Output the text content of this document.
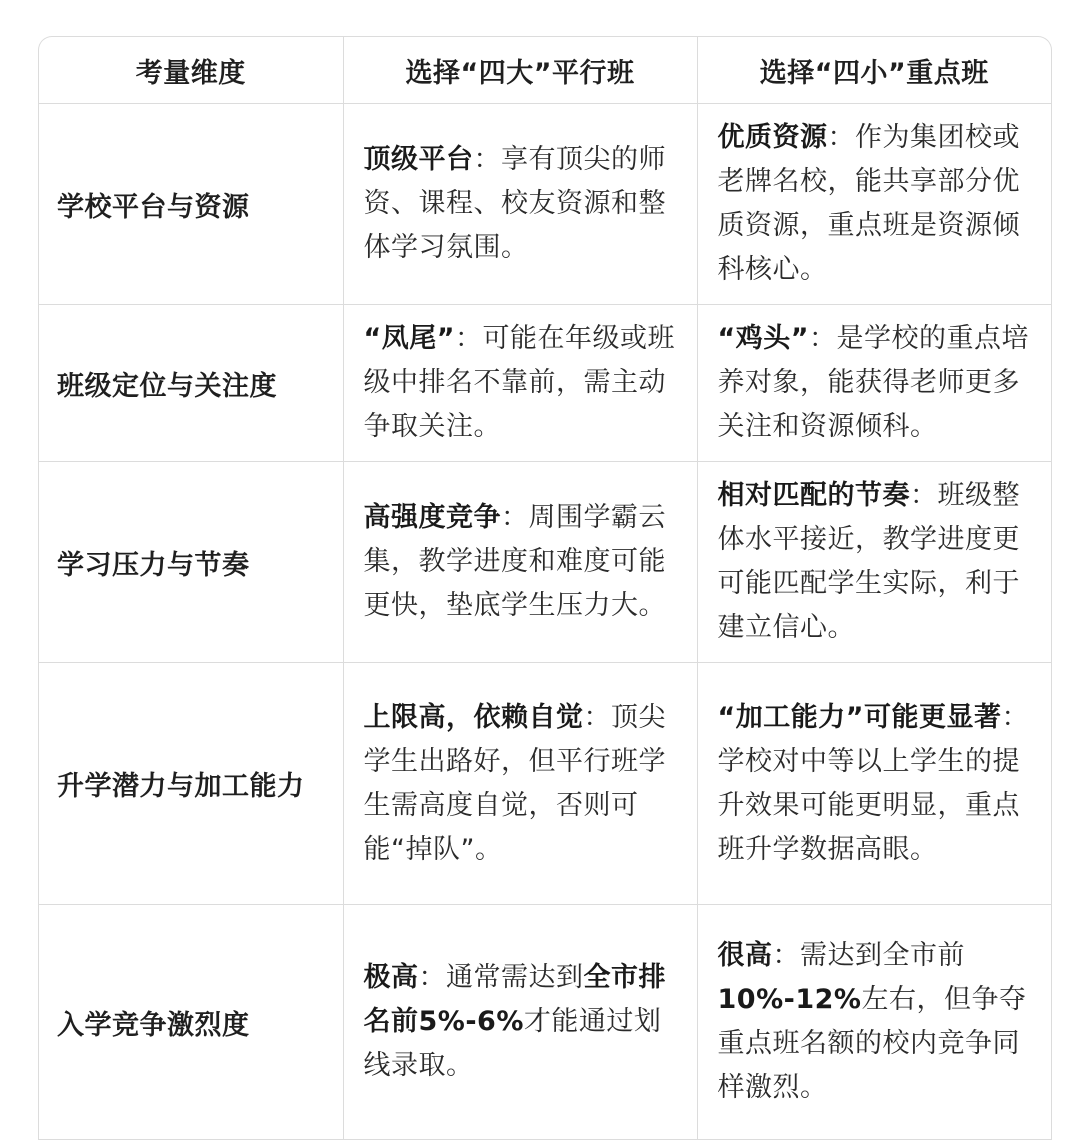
考量维度	选择“四大”平行班	选择“四小”重点班
学校平台与资源	顶级平台：享有顶尖的师资、课程、校友资源和整体学习氛围。	优质资源：作为集团校或老牌名校，能共享部分优质资源，重点班是资源倾科核心。
班级定位与关注度	“凤尾”：可能在年级或班级中排名不靠前，需主动争取关注。	“鸡头”：是学校的重点培养对象，能获得老师更多关注和资源倾科。
学习压力与节奏	高强度竞争：周围学霸云集，教学进度和难度可能更快，垫底学生压力大。	相对匹配的节奏：班级整体水平接近，教学进度更可能匹配学生实际，利于建立信心。
升学潜力与加工能力	上限高，依赖自觉：顶尖学生出路好，但平行班学生需高度自觉，否则可能“掉队”。	“加工能力”可能更显著：学校对中等以上学生的提升效果可能更明显，重点班升学数据高眼。
入学竞争激烈度	极高：通常需达到全市排名前5%-6%才能通过划线录取。	很高：需达到全市前10%-12%左右，但争夺重点班名额的校内竞争同样激烈。
